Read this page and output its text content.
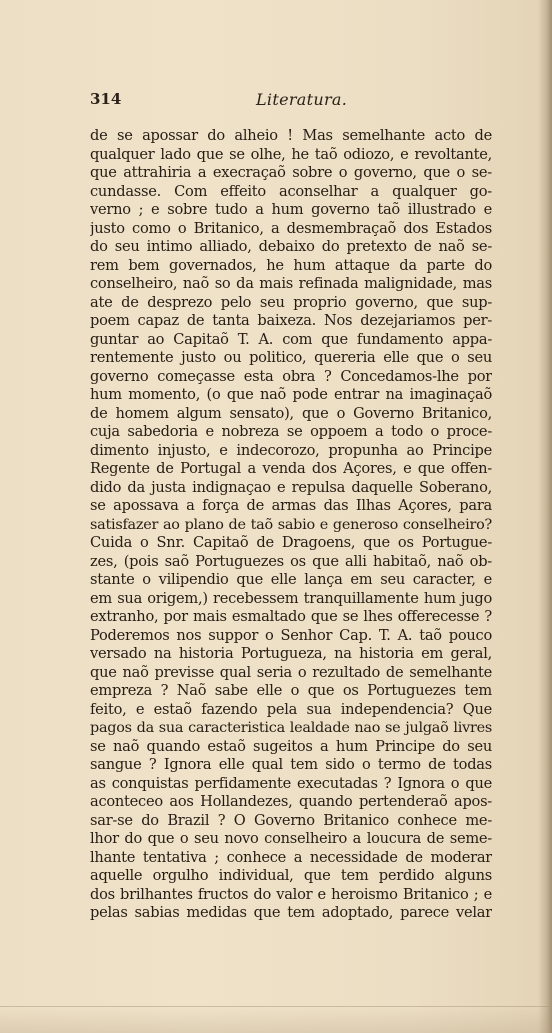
314	Literatura.
de se apossar do alheio ! Mas semelhante acto de
qualquer lado que se olhe, he taõ odiozo, e revoltante,
que attrahiria a execraçaõ sobre o governo, que o se-
cundasse. Com effeito aconselhar a qualquer go-
verno ; e sobre tudo a hum governo taõ illustrado e
justo como o Britanico, a desmembraçaõ dos Estados
do seu intimo alliado, debaixo do pretexto de naõ se-
rem bem governados, he hum attaque da parte do
conselheiro, naõ so da mais refinada malignidade, mas
ate de desprezo pelo seu proprio governo, que sup-
poem capaz de tanta baixeza. Nos dezejariamos per-
guntar ao Capitaõ T. A. com que fundamento appa-
rentemente justo ou politico, quereria elle que o seu
governo começasse esta obra ? Concedamos-lhe por
hum momento, (o que naõ pode entrar na imaginaçaõ
de homem algum sensato), que o Governo Britanico,
cuja sabedoria e nobreza se oppoem a todo o proce-
dimento injusto, e indecorozo, propunha ao Principe
Regente de Portugal a venda dos Açores, e que offen-
dido da justa indignaçao e repulsa daquelle Soberano,
se apossava a força de armas das Ilhas Açores, para
satisfazer ao plano de taõ sabio e generoso conselheiro?
Cuida o Snr. Capitaõ de Dragoens, que os Portugue-
zes, (pois saõ Portuguezes os que alli habitaõ, naõ ob-
stante o vilipendio que elle lança em seu caracter, e
em sua origem,) recebessem tranquillamente hum jugo
extranho, por mais esmaltado que se lhes offerecesse ?
Poderemos nos suppor o Senhor Cap. T. A. taõ pouco
versado na historia Portugueza, na historia em geral,
que naõ previsse qual seria o rezultado de semelhante
empreza ? Naõ sabe elle o que os Portuguezes tem
feito, e estaõ fazendo pela sua independencia? Que
pagos da sua caracteristica lealdade nao se julgaõ livres
se naõ quando estaõ sugeitos a hum Principe do seu
sangue ? Ignora elle qual tem sido o termo de todas
as conquistas perfidamente executadas ? Ignora o que
aconteceo aos Hollandezes, quando pertenderaõ apos-
sar-se do Brazil ? O Governo Britanico conhece me-
lhor do que o seu novo conselheiro a loucura de seme-
lhante tentativa ; conhece a necessidade de moderar
aquelle orgulho individual, que tem perdido alguns
dos brilhantes fructos do valor e heroismo Britanico ; e
pelas sabias medidas que tem adoptado, parece velar
